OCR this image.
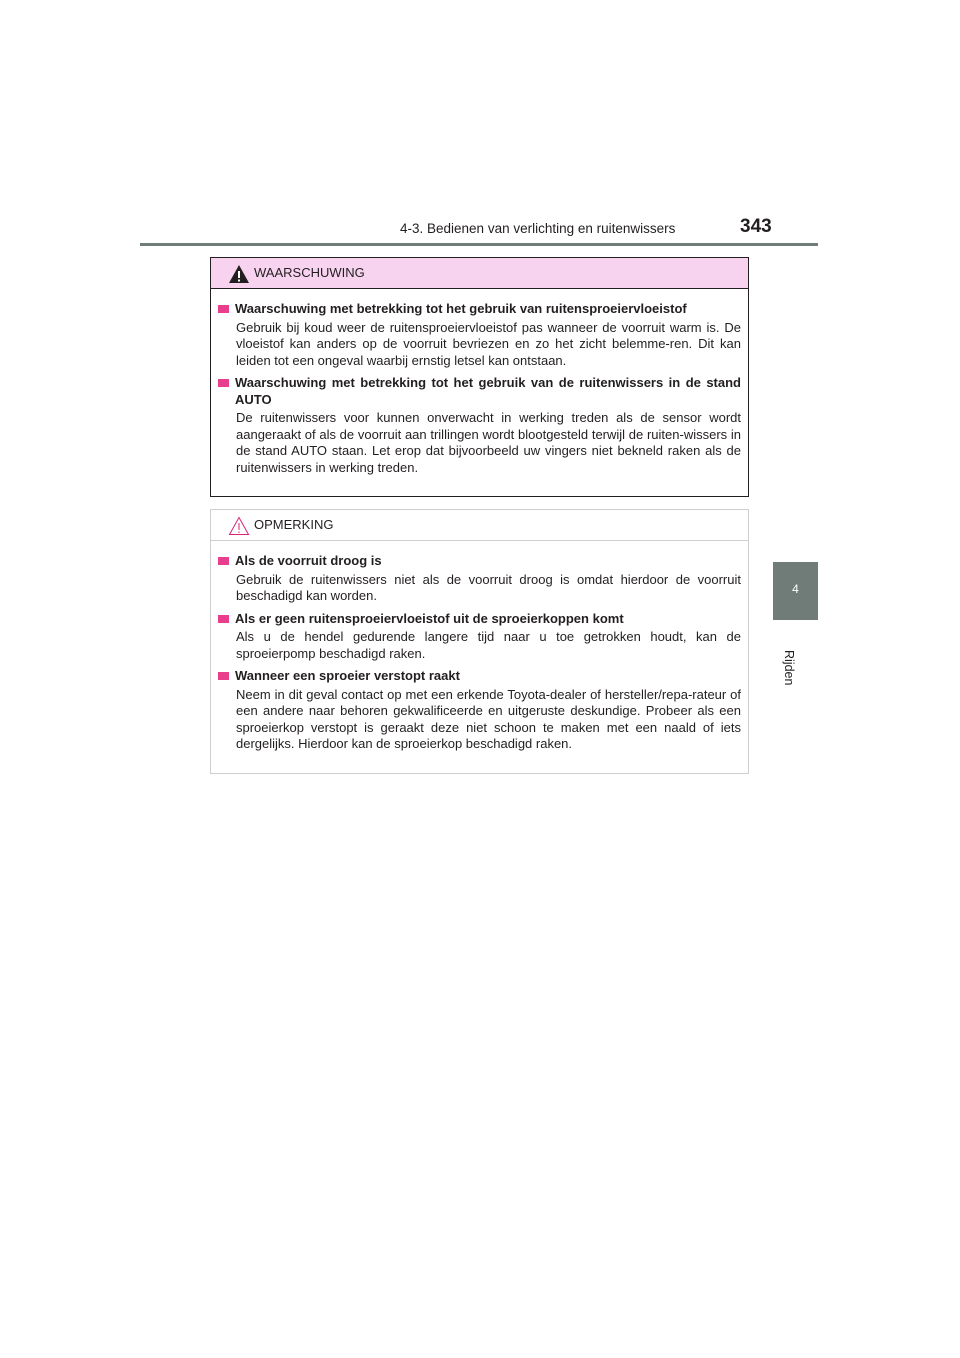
4-3. Bedienen van verlichting en ruitenwissers	343
4
Rijden
WAARSCHUWING
Waarschuwing met betrekking tot het gebruik van ruitensproeiervloeistof
Gebruik bij koud weer de ruitensproeiervloeistof pas wanneer de voorruit warm is. De vloeistof kan anders op de voorruit bevriezen en zo het zicht belemme-ren. Dit kan leiden tot een ongeval waarbij ernstig letsel kan ontstaan.
Waarschuwing met betrekking tot het gebruik van de ruitenwissers in de stand AUTO
De ruitenwissers voor kunnen onverwacht in werking treden als de sensor wordt aangeraakt of als de voorruit aan trillingen wordt blootgesteld terwijl de ruiten-wissers in de stand AUTO staan. Let erop dat bijvoorbeeld uw vingers niet bekneld raken als de ruitenwissers in werking treden.
OPMERKING
Als de voorruit droog is
Gebruik de ruitenwissers niet als de voorruit droog is omdat hierdoor de voorruit beschadigd kan worden.
Als er geen ruitensproeiervloeistof uit de sproeierkoppen komt
Als u de hendel gedurende langere tijd naar u toe getrokken houdt, kan de sproeierpomp beschadigd raken.
Wanneer een sproeier verstopt raakt
Neem in dit geval contact op met een erkende Toyota-dealer of hersteller/repa-rateur of een andere naar behoren gekwalificeerde en uitgeruste deskundige. Probeer als een sproeierkop verstopt is geraakt deze niet schoon te maken met een naald of iets dergelijks. Hierdoor kan de sproeierkop beschadigd raken.
